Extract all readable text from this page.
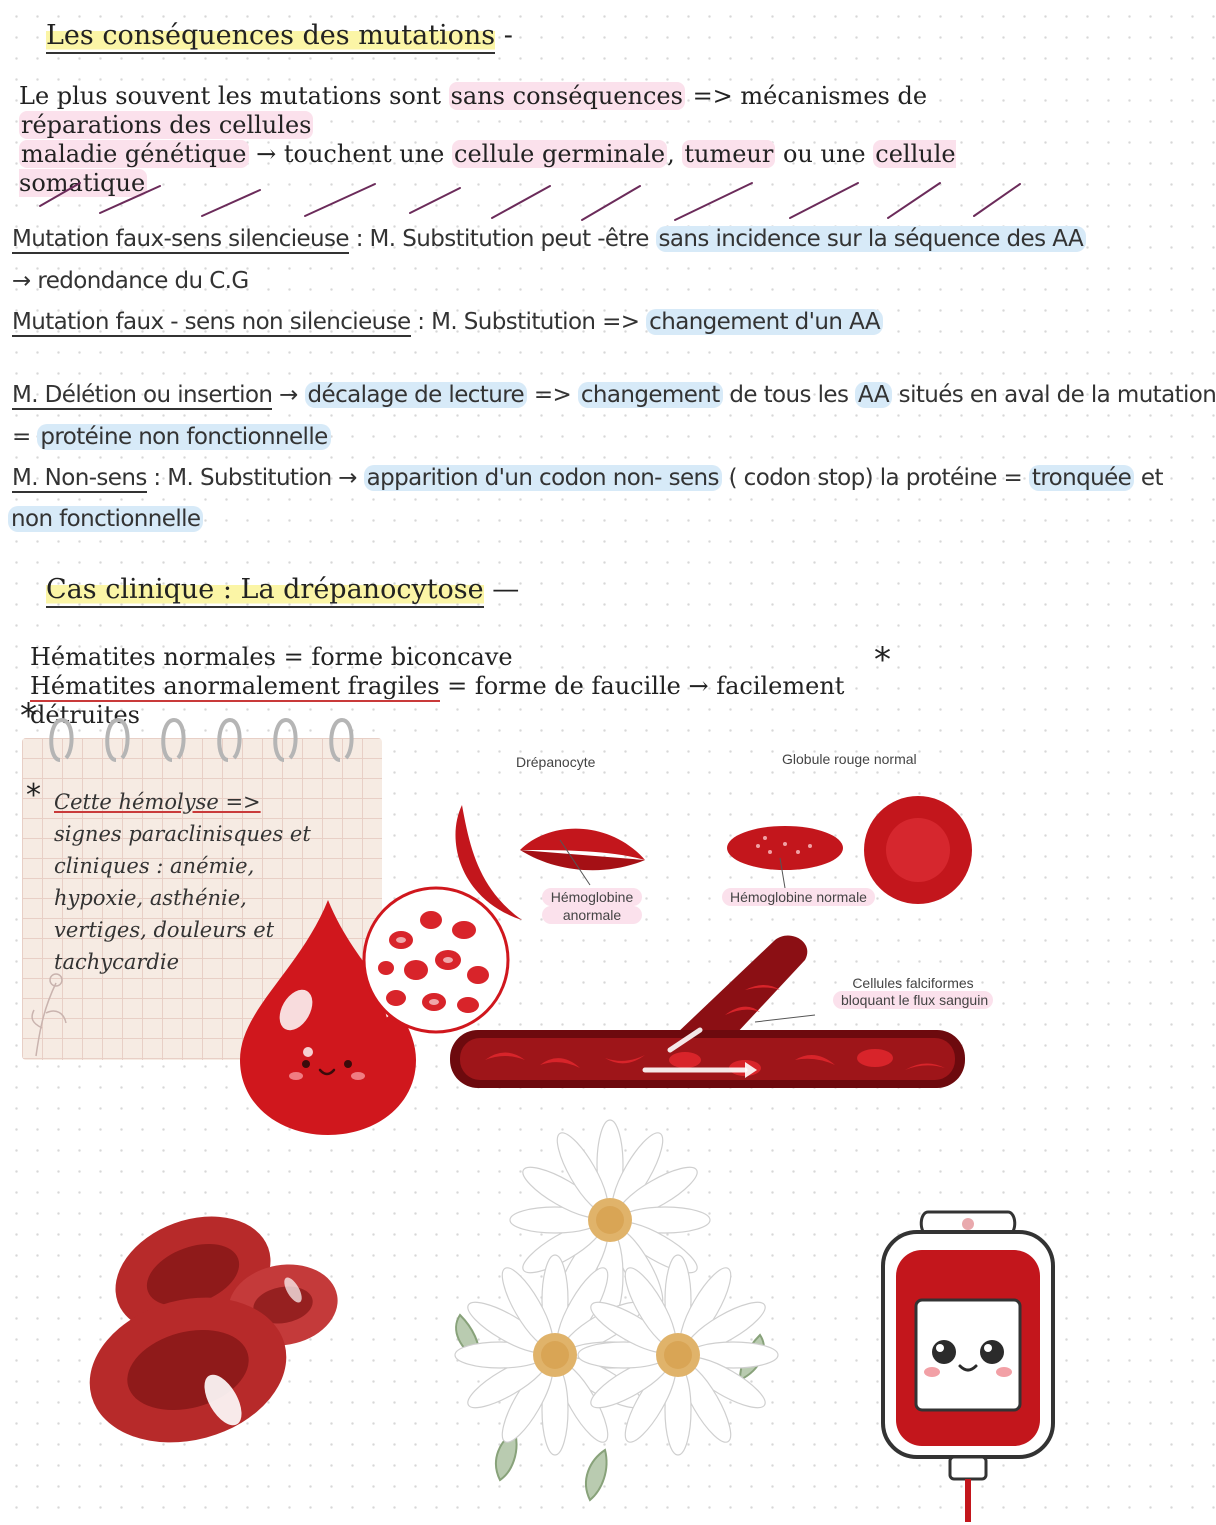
Les conséquences des mutations -
Le plus souvent les mutations sont sans conséquences => mécanismes de réparations des cellules
maladie génétique → touchent une cellule germinale, tumeur ou une cellule somatique
Mutation faux-sens silencieuse : M. Substitution peut -être sans incidence sur la séquence des AA
→ redondance du C.G
Mutation faux - sens non silencieuse : M. Substitution => changement d'un AA
M. Délétion ou insertion → décalage de lecture => changement de tous les AA situés en aval de la mutation
= protéine non fonctionnelle
M. Non-sens : M. Substitution → apparition d'un codon non- sens ( codon stop) la protéine = tronquée et
non fonctionnelle
Cas clinique : La drépanocytose —
Hématites normales = forme biconcave
Hématites anormalement fragiles = forme de faucille → facilement détruites
*
*
* Cette hémolyse =>
signes paraclinisques et
cliniques : anémie,
hypoxie, asthénie,
vertiges, douleurs et
tachycardie
Drépanocyte	Globule rouge normal
Hémoglobine
anormale
Hémoglobine normale
Cellules falciformes
bloquant le flux sanguin
